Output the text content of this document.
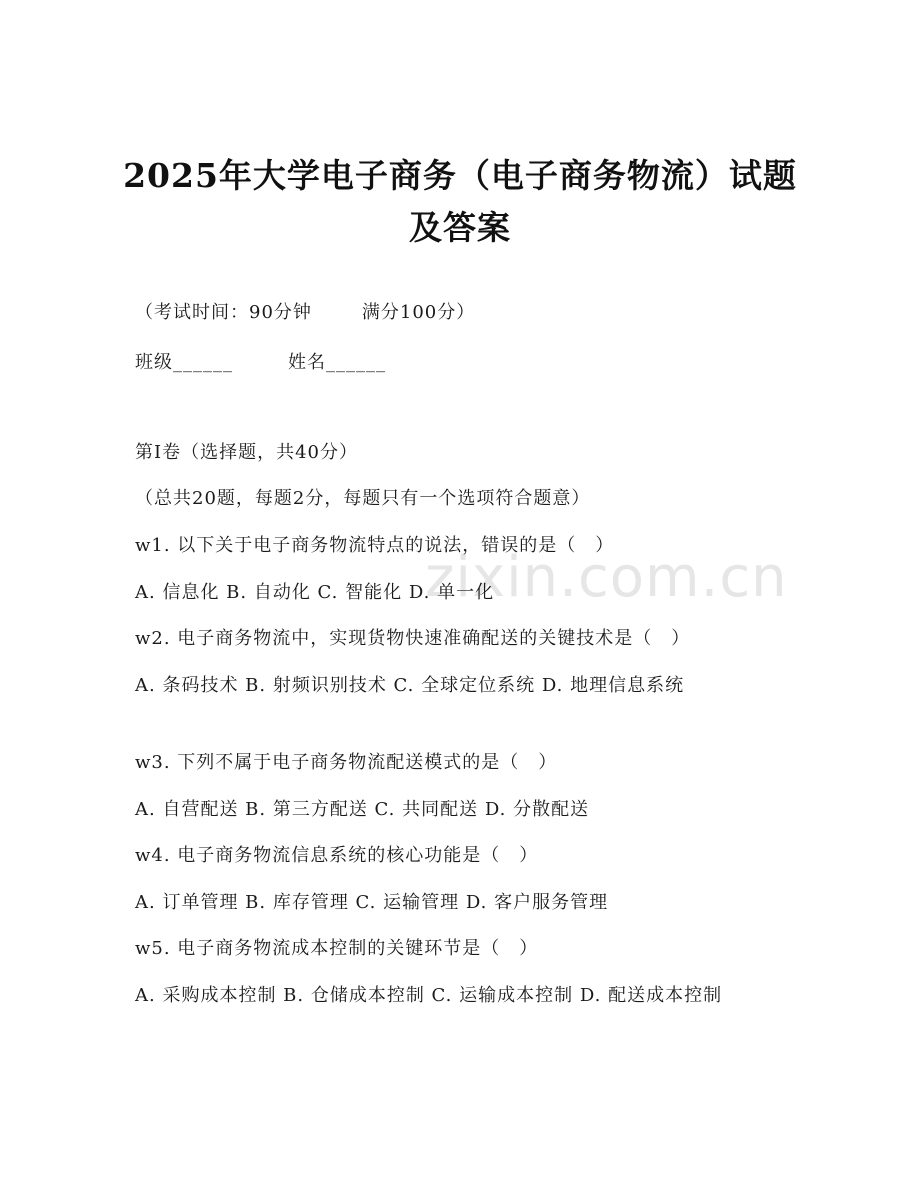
zixin.com.cn
2025年大学电子商务（电子商务物流）试题
及答案
（考试时间：90分钟	满分100分）
班级______	姓名______
第I卷（选择题，共40分）
（总共20题，每题2分，每题只有一个选项符合题意）
w1. 以下关于电子商务物流特点的说法，错误的是（　）
A. 信息化 B. 自动化 C. 智能化 D. 单一化
w2. 电子商务物流中，实现货物快速准确配送的关键技术是（　）
A. 条码技术 B. 射频识别技术 C. 全球定位系统 D. 地理信息系统
w3. 下列不属于电子商务物流配送模式的是（　）
A. 自营配送 B. 第三方配送 C. 共同配送 D. 分散配送
w4. 电子商务物流信息系统的核心功能是（　）
A. 订单管理 B. 库存管理 C. 运输管理 D. 客户服务管理
w5. 电子商务物流成本控制的关键环节是（　）
A. 采购成本控制 B. 仓储成本控制 C. 运输成本控制 D. 配送成本控制
